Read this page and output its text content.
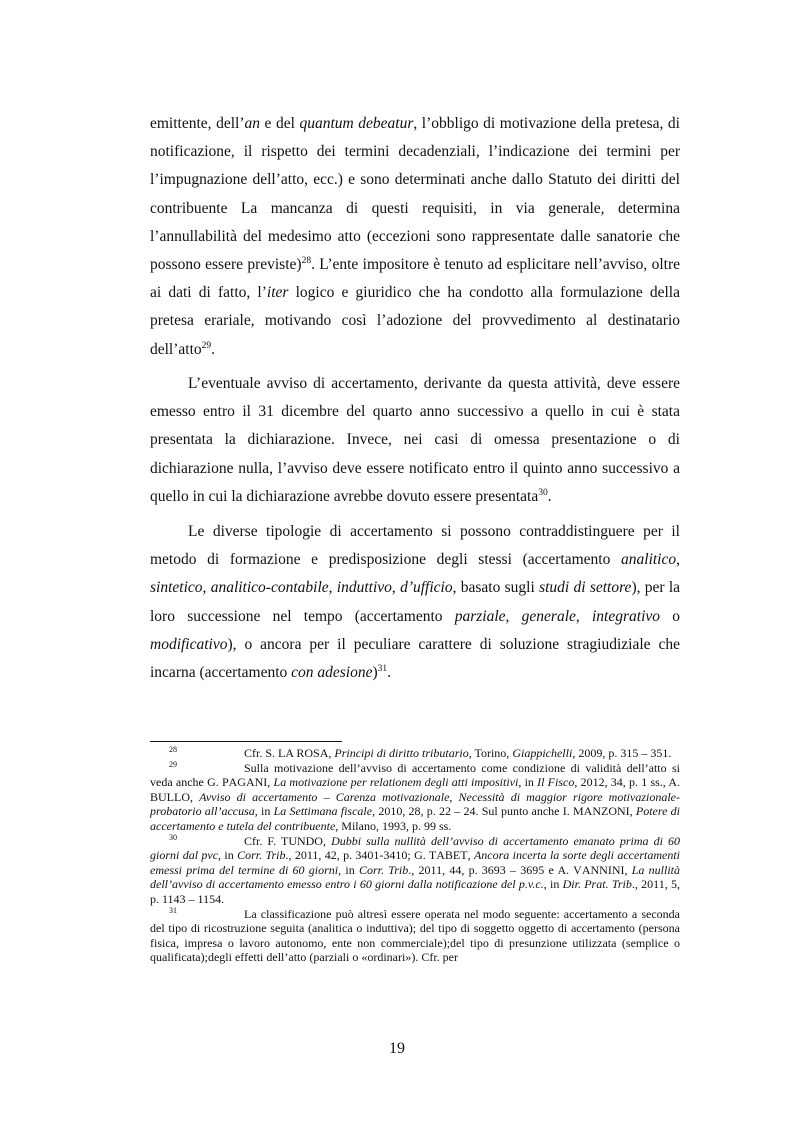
emittente, dell’an e del quantum debeatur, l’obbligo di motivazione della pretesa, di notificazione, il rispetto dei termini decadenziali, l’indicazione dei termini per l’impugnazione dell’atto, ecc.) e sono determinati anche dallo Statuto dei diritti del contribuente La mancanza di questi requisiti, in via generale, determina l’annullabilità del medesimo atto (eccezioni sono rappresentate dalle sanatorie che possono essere previste)$^{28}$. L’ente impositore è tenuto ad esplicitare nell’avviso, oltre ai dati di fatto, l’iter logico e giuridico che ha condotto alla formulazione della pretesa erariale, motivando così l’adozione del provvedimento al destinatario dell’atto$^{29}$.

L’eventuale avviso di accertamento, derivante da questa attività, deve essere emesso entro il 31 dicembre del quarto anno successivo a quello in cui è stata presentata la dichiarazione. Invece, nei casi di omessa presentazione o di dichiarazione nulla, l’avviso deve essere notificato entro il quinto anno successivo a quello in cui la dichiarazione avrebbe dovuto essere presentata$^{30}$.

Le diverse tipologie di accertamento si possono contraddistinguere per il metodo di formazione e predisposizione degli stessi (accertamento analitico, sintetico, analitico-contabile, induttivo, d’ufficio, basato sugli studi di settore), per la loro successione nel tempo (accertamento parziale, generale, integrativo o modificativo), o ancora per il peculiare carattere di soluzione stragiudiziale che incarna (accertamento con adesione)$^{31}$.

28	Cfr. S. LA ROSA, Principi di diritto tributario, Torino, Giappichelli, 2009, p. 315 – 351.

29	Sulla motivazione dell’avviso di accertamento come condizione di validità dell’atto si veda anche G. PAGANI, La motivazione per relationem degli atti impositivi, in Il Fisco, 2012, 34, p. 1 ss., A. BULLO, Avviso di accertamento – Carenza motivazionale, Necessità di maggior rigore motivazionale-probatorio all’accusa, in La Settimana fiscale, 2010, 28, p. 22 – 24. Sul punto anche I. MANZONI, Potere di accertamento e tutela del contribuente, Milano, 1993, p. 99 ss.

30	Cfr. F. TUNDO, Dubbi sulla nullità dell’avviso di accertamento emanato prima di 60 giorni dal pvc, in Corr. Trib., 2011, 42, p. 3401-3410; G. TABET, Ancora incerta la sorte degli accertamenti emessi prima del termine di 60 giorni, in Corr. Trib., 2011, 44, p. 3693 – 3695 e A. VANNINI, La nullità dell’avviso di accertamento emesso entro i 60 giorni dalla notificazione del p.v.c., in Dir. Prat. Trib., 2011, 5, p. 1143 – 1154.

31	La classificazione può altresì essere operata nel modo seguente: accertamento a seconda del tipo di ricostruzione seguita (analitica o induttiva); del tipo di soggetto oggetto di accertamento (persona fisica, impresa o lavoro autonomo, ente non commerciale);del tipo di presunzione utilizzata (semplice o qualificata);degli effetti dell’atto (parziali o «ordinari»). Cfr. per

19
